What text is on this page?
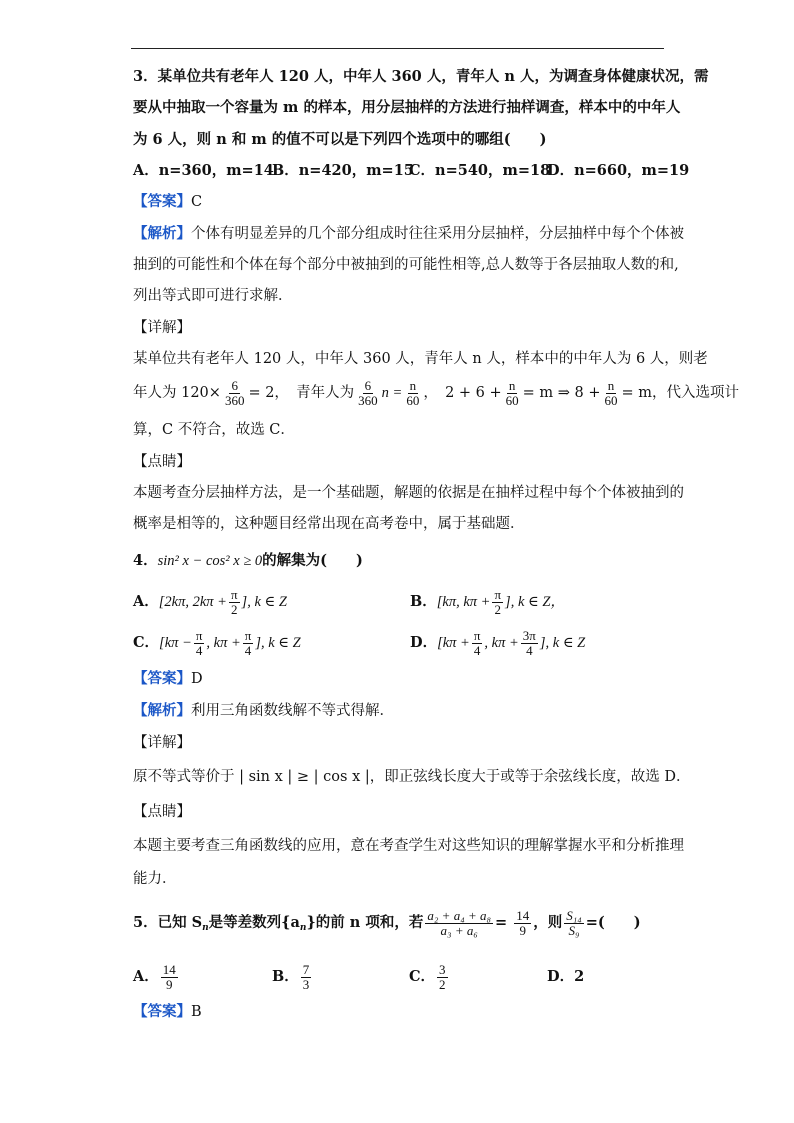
3．某单位共有老年人 120 人，中年人 360 人，青年人 n 人，为调查身体健康状况，需
要从中抽取一个容量为 m 的样本，用分层抽样的方法进行抽样调查，样本中的中年人
为 6 人，则 n 和 m 的值不可以是下列四个选项中的哪组(　　)
A．n=360，m=14
B．n=420，m=15
C．n=540，m=18
D．n=660，m=19
【答案】C
【解析】个体有明显差异的几个部分组成时往往采用分层抽样，分层抽样中每个个体被
抽到的可能性和个体在每个部分中被抽到的可能性相等,总人数等于各层抽取人数的和,
列出等式即可进行求解．
【详解】
某单位共有老年人 120 人，中年人 360 人，青年人 n 人，样本中的中年人为 6 人，则老
年人为 $120\times \frac{6}{360} = 2$，　青年人为 $\frac{6}{360}$ $n = \frac{n}{60}$ ，　$2 + 6 + \frac{n}{60} = m$ ⇒ $8 + \frac{n}{60} = m$，代入选项计
算，C 不符合，故选 C．
【点睛】
本题考查分层抽样方法，是一个基础题，解题的依据是在抽样过程中每个个体被抽到的
概率是相等的，这种题目经常出现在高考卷中，属于基础题．
4．sin² x − cos² x ≥ 0的解集为(　　)
A．[2kπ, $2k\pi + \frac{\pi}{2}$ ], k ∈ Z	B．[kπ, $k\pi + \frac{\pi}{2}$ ], k ∈ Z，
C．[$k\pi - \frac{\pi}{4}$ , $k\pi + \frac{\pi}{4}$ ], k ∈ Z	D．[$k\pi + \frac{\pi}{4}$ , $k\pi + \frac{3\pi}{4}$ ], k ∈ Z
【答案】D
【解析】利用三角函数线解不等式得解．
【详解】
原不等式等价于 | sin x | ≥ | cos x |，即正弦线长度大于或等于余弦线长度，故选 D．
【点睛】
本题主要考查三角函数线的应用，意在考查学生对这些知识的理解掌握水平和分析推理
能力．
5．已知 $S_n$是等差数列$\{a_n\}$的前 n 项和，若 $\frac{\text{a₂ + a₄ + a₈}}{\text{a₃ + a₆}} = \frac{14}{9}$ ，则 $\frac{\text{S₁₄}}{\text{S₉}}$ =(　　)
A． $\frac{14}{9}$	B． $\frac{7}{3}$	C． $\frac{3}{2}$	D．2
【答案】B
